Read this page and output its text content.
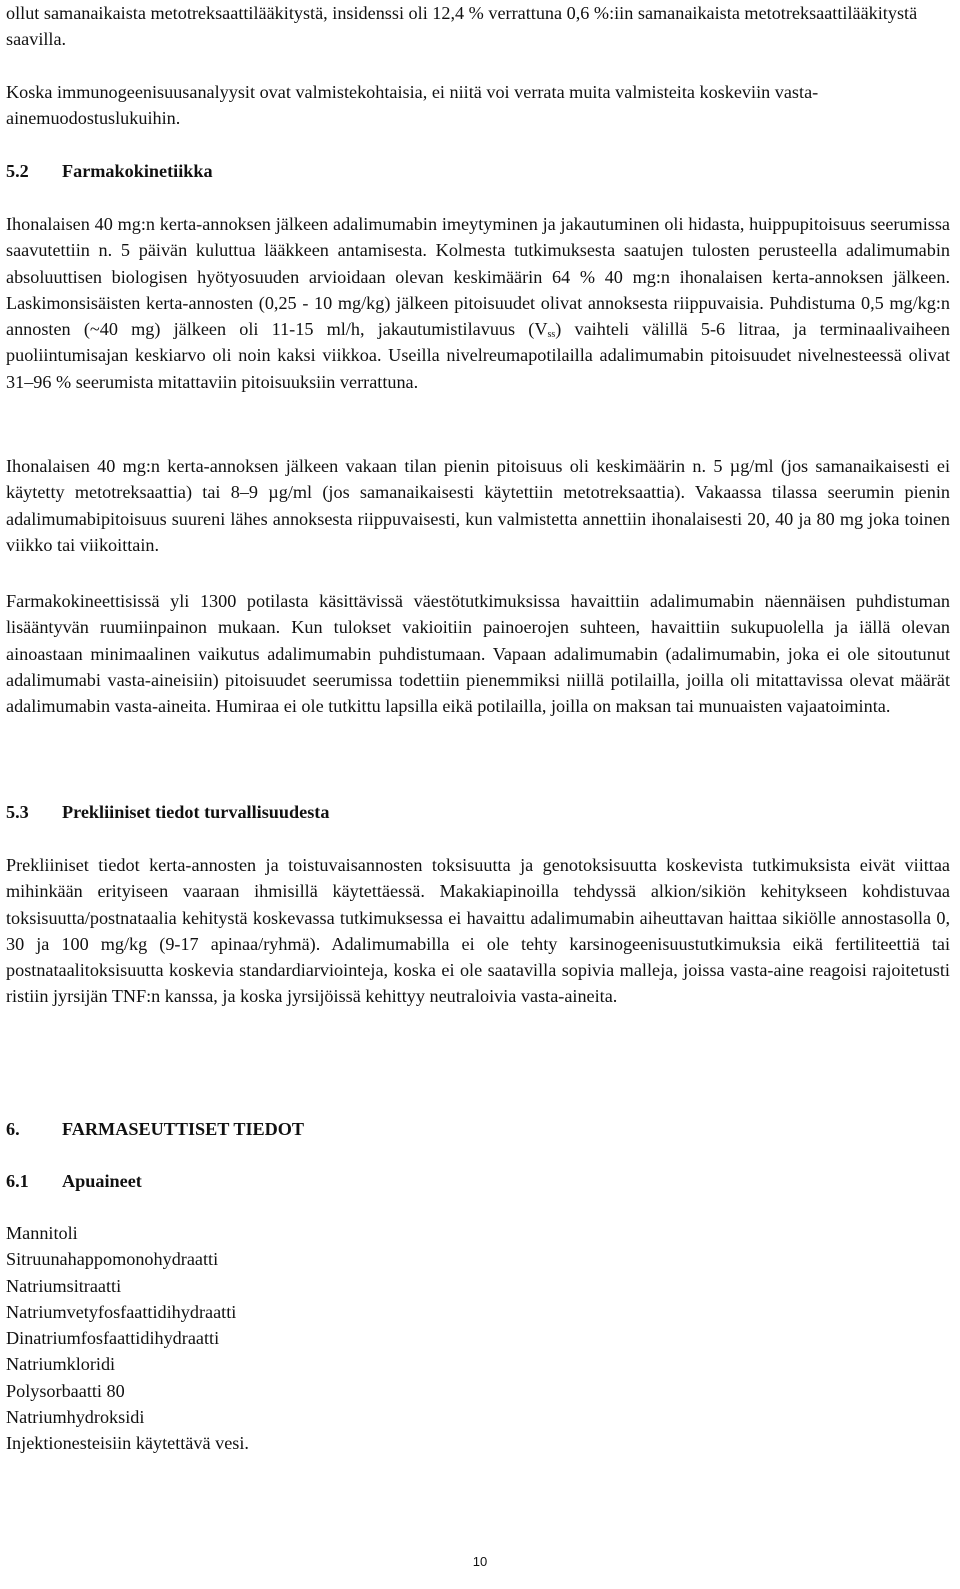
ollut samanaikaista metotreksaattilääkitystä, insidenssi oli 12,4 % verrattuna 0,6 %:iin samanaikaista metotreksaattilääkitystä saavilla.

Koska immunogeenisuusanalyysit ovat valmistekohtaisia, ei niitä voi verrata muita valmisteita koskeviin vasta-ainemuodostuslukuihin.

5.2 Farmakokinetiikka

Ihonalaisen 40 mg:n kerta-annoksen jälkeen adalimumabin imeytyminen ja jakautuminen oli hidasta, huippupitoisuus seerumissa saavutettiin n. 5 päivän kuluttua lääkkeen antamisesta. Kolmesta tutkimuksesta saatujen tulosten perusteella adalimumabin absoluuttisen biologisen hyötyosuuden arvioidaan olevan keskimäärin 64 % 40 mg:n ihonalaisen kerta-annoksen jälkeen. Laskimonsisäisten kerta-annosten (0,25 - 10 mg/kg) jälkeen pitoisuudet olivat annoksesta riippuvaisia. Puhdistuma 0,5 mg/kg:n annosten (~40 mg) jälkeen oli 11-15 ml/h, jakautumistilavuus $(V_{ss})$ vaihteli välillä 5-6 litraa, ja terminaalivaiheen puoliintumisajan keskiarvo oli noin kaksi viikkoa. Useilla nivelreumapotilailla adalimumabin pitoisuudet nivelnesteessä olivat 31–96 % seerumista mitattaviin pitoisuuksiin verrattuna.

Ihonalaisen 40 mg:n kerta-annoksen jälkeen vakaan tilan pienin pitoisuus oli keskimäärin n. 5 µg/ml (jos samanaikaisesti ei käytetty metotreksaattia) tai 8–9 µg/ml (jos samanaikaisesti käytettiin metotreksaattia). Vakaassa tilassa seerumin pienin adalimumabipitoisuus suureni lähes annoksesta riippuvaisesti, kun valmistetta annettiin ihonalaisesti 20, 40 ja 80 mg joka toinen viikko tai viikoittain.

Farmakokineettisissä yli 1300 potilasta käsittävissä väestötutkimuksissa havaittiin adalimumabin näennäisen puhdistuman lisääntyvän ruumiinpainon mukaan. Kun tulokset vakioitiin painoerojen suhteen, havaittiin sukupuolella ja iällä olevan ainoastaan minimaalinen vaikutus adalimumabin puhdistumaan. Vapaan adalimumabin (adalimumabin, joka ei ole sitoutunut adalimumabi vasta-aineisiin) pitoisuudet seerumissa todettiin pienemmiksi niillä potilailla, joilla oli mitattavissa olevat määrät adalimumabin vasta-aineita. Humiraa ei ole tutkittu lapsilla eikä potilailla, joilla on maksan tai munuaisten vajaatoiminta.

5.3 Prekliiniset tiedot turvallisuudesta

Prekliiniset tiedot kerta-annosten ja toistuvaisannosten toksisuutta ja genotoksisuutta koskevista tutkimuksista eivät viittaa mihinkään erityiseen vaaraan ihmisillä käytettäessä. Makakiapinoilla tehdyssä alkion/sikiön kehitykseen kohdistuvaa toksisuutta/postnataalia kehitystä koskevassa tutkimuksessa ei havaittu adalimumabin aiheuttavan haittaa sikiölle annostasolla 0, 30 ja 100 mg/kg (9-17 apinaa/ryhmä). Adalimumabilla ei ole tehty karsinogeenisuustutkimuksia eikä fertiliteettiä tai postnataalitoksisuutta koskevia standardiarviointeja, koska ei ole saatavilla sopivia malleja, joissa vasta-aine reagoisi rajoitetusti ristiin jyrsijän TNF:n kanssa, ja koska jyrsijöissä kehittyy neutraloivia vasta-aineita.

6. FARMASEUTTISET TIEDOT
6.1 Apuaineet
Mannitoli
Sitruunahappomonohydraatti
Natriumsitraatti
Natriumvetyfosfaattidihydraatti
Dinatriumfosfaattidihydraatti
Natriumkloridi
Polysorbaatti 80
Natriumhydroksidi
Injektionesteisiin käytettävä vesi.
10
